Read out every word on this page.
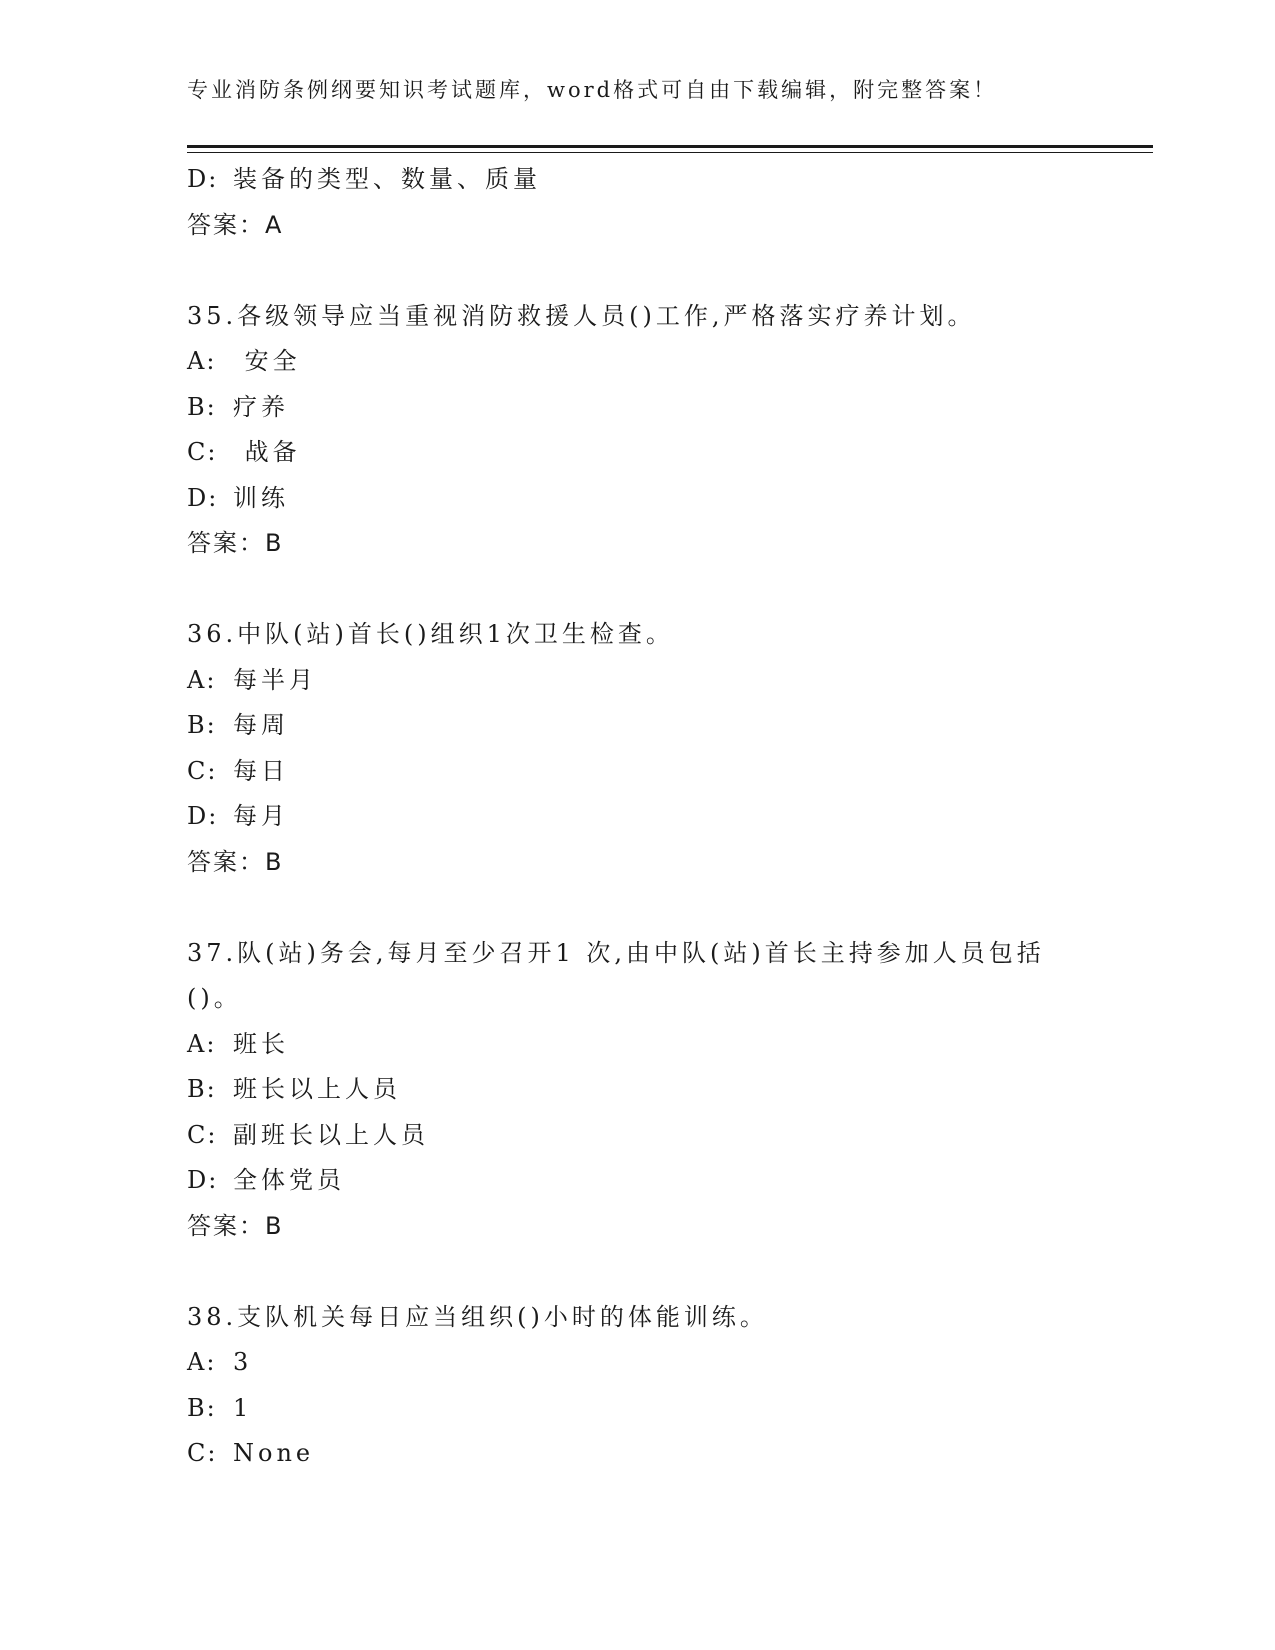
专业消防条例纲要知识考试题库，word格式可自由下载编辑，附完整答案！
D: 装备的类型、数量、质量
答案：A
35.各级领导应当重视消防救援人员()工作,严格落实疗养计划。
A: 安全
B: 疗养
C: 战备
D: 训练
答案：B
36.中队(站)首长()组织1次卫生检查。
A: 每半月
B: 每周
C: 每日
D: 每月
答案：B
37.队(站)务会,每月至少召开1 次,由中队(站)首长主持参加人员包括
()。
A: 班长
B: 班长以上人员
C: 副班长以上人员
D: 全体党员
答案：B
38.支队机关每日应当组织()小时的体能训练。
A: 3
B: 1
C: None
